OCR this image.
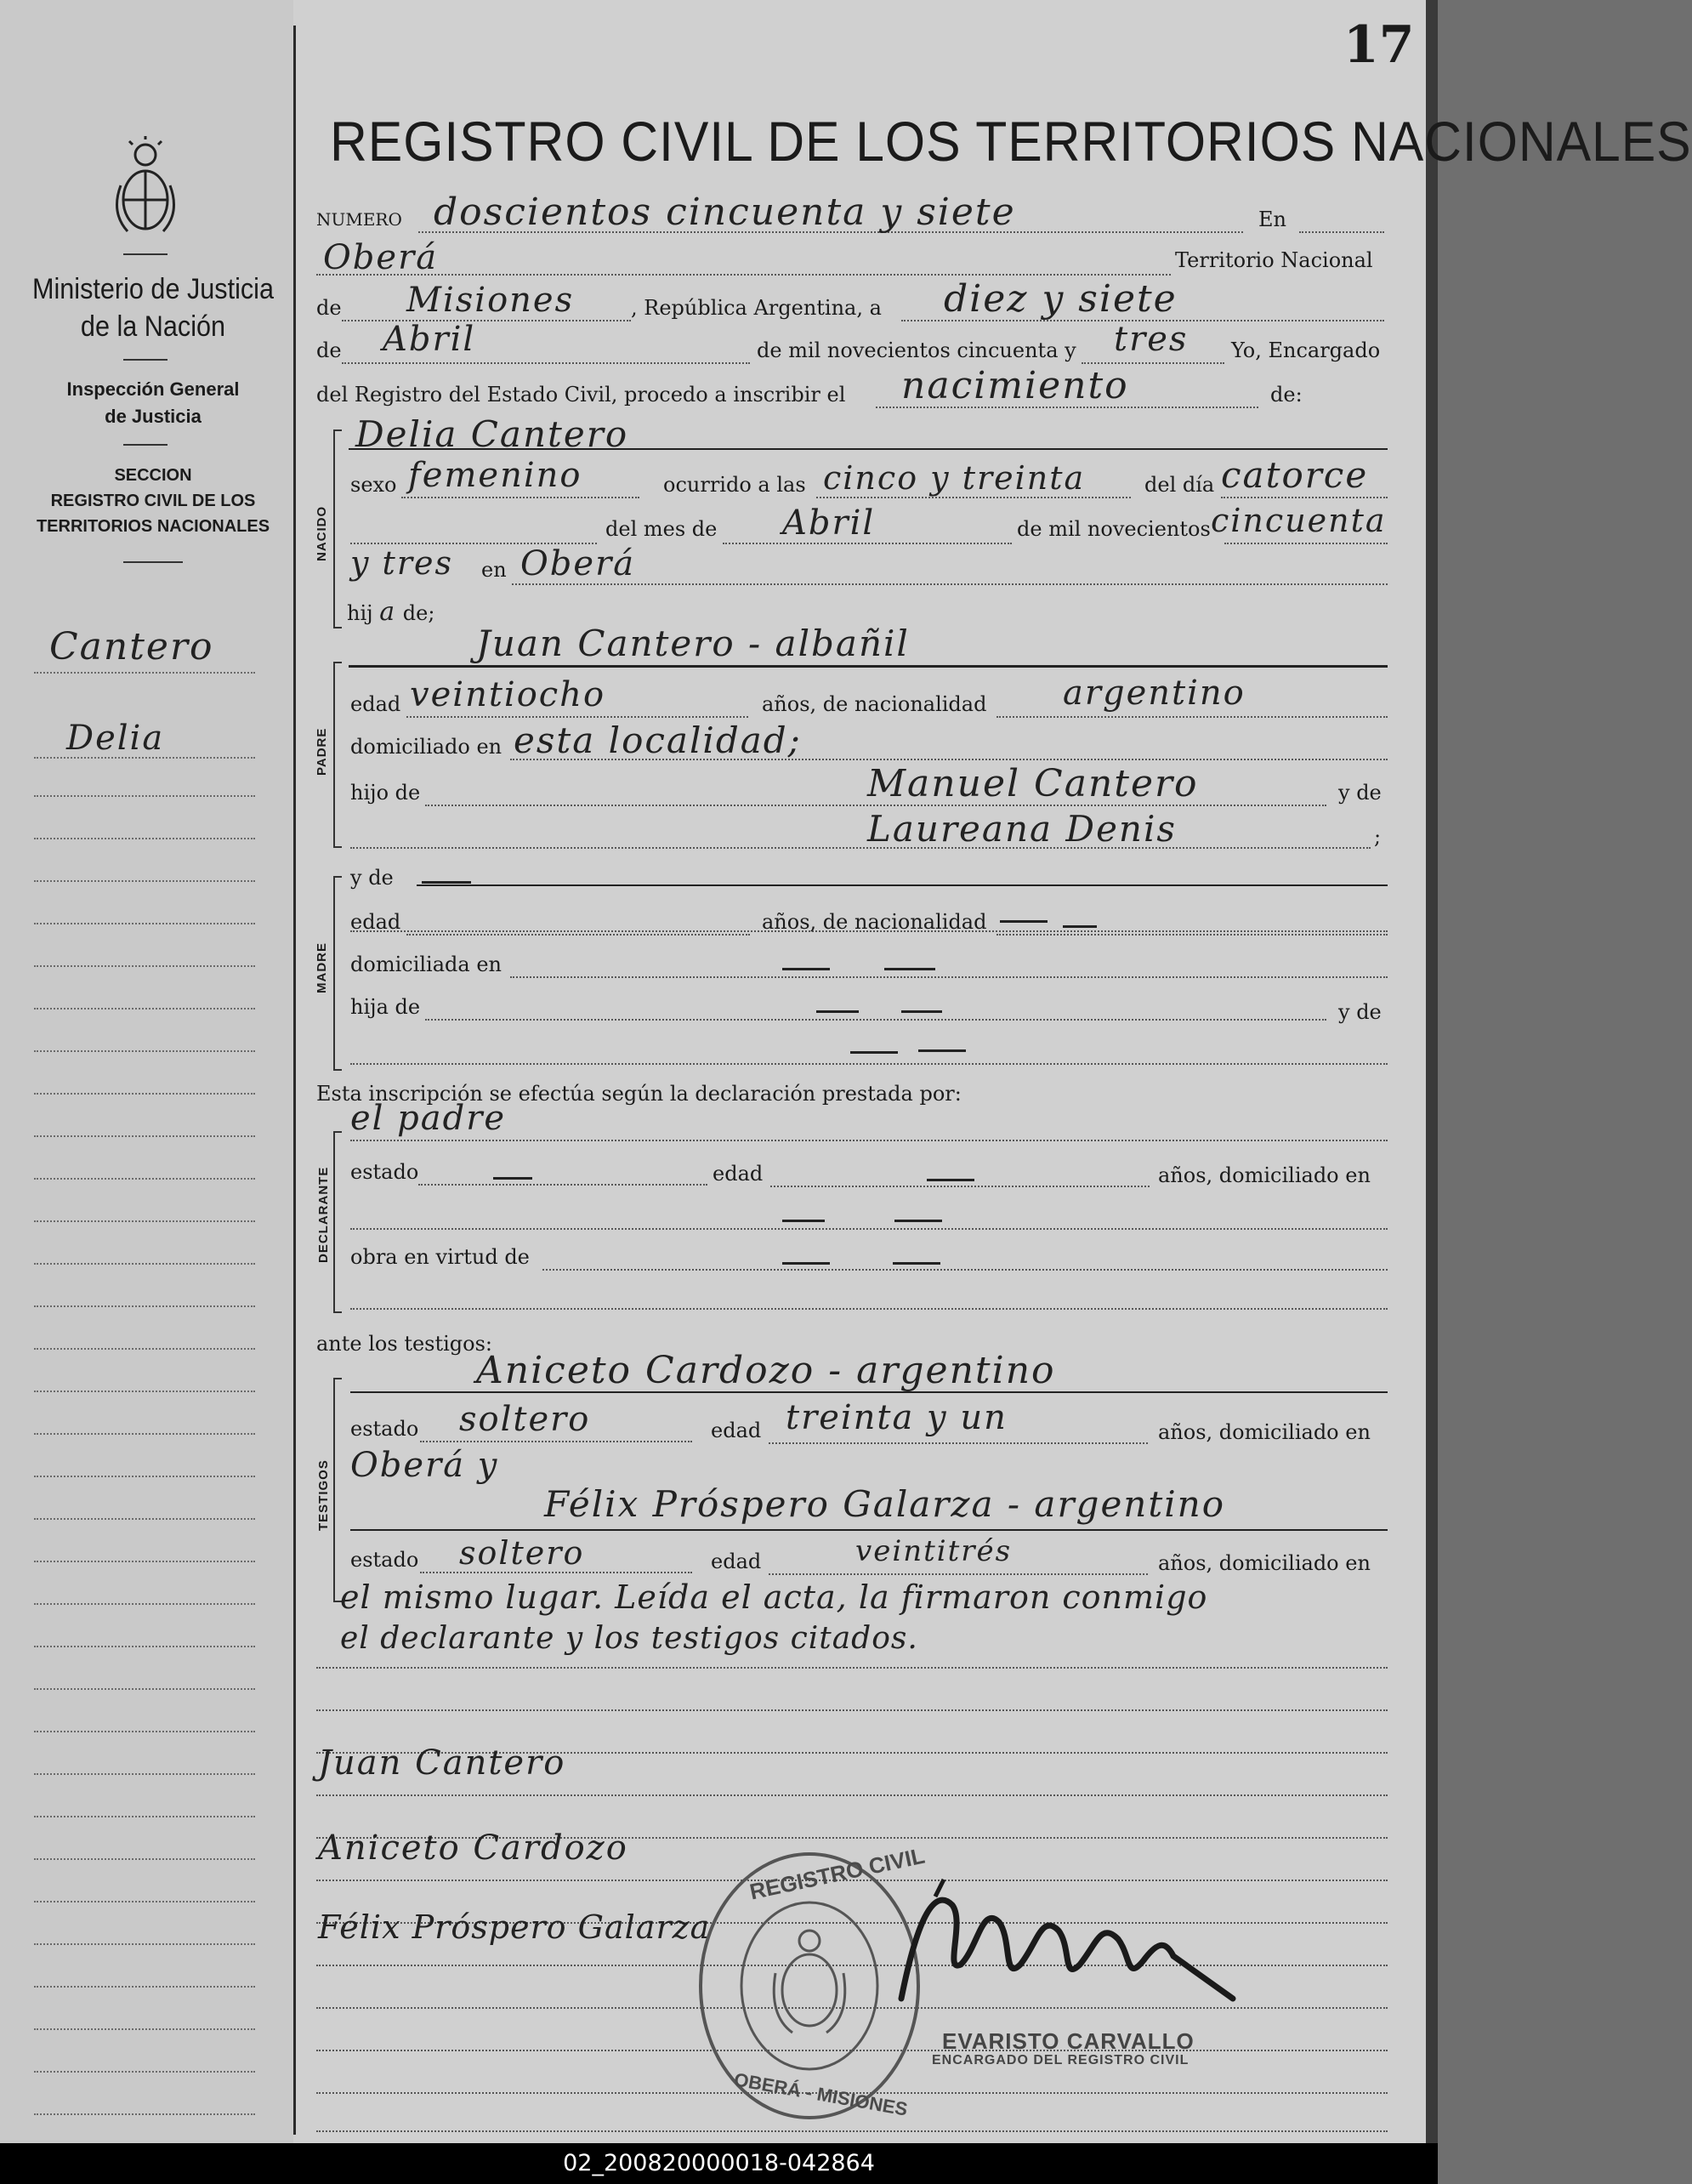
17
Ministerio de Justicia
de la Nación
Inspección General
de Justicia
SECCION
REGISTRO CIVIL DE LOS
TERRITORIOS NACIONALES
Cantero
Delia
REGISTRO CIVIL DE LOS TERRITORIOS NACIONALES
NUMERO doscientos cincuenta y siete	En
Oberá	Territorio Nacional
de Misiones	, República Argentina, a diez y siete
de Abril	de mil novecientos cincuenta y tres Yo, Encargado
del Registro del Estado Civil, procedo a inscribir el nacimiento	de:
NACIDO
Delia Cantero
sexo femenino	ocurrido a las cinco y treinta	del día catorce
del mes de Abril	de mil novecientos cincuenta
y tres en Oberá
hij a de;
Juan Cantero - albañil
PADRE
edad veintiocho	años, de nacionalidad argentino
domiciliado en esta localidad;
hijo de	Manuel Cantero	y de
Laureana Denis	;
MADRE
y de
edad	años, de nacionalidad
domiciliada en
hija de	y de
Esta inscripción se efectúa según la declaración prestada por:
el padre
DECLARANTE estado	edad	años, domiciliado en
obra en virtud de
ante los testigos:
Aniceto Cardozo - argentino
TESTIGOS
estado soltero	edad treinta y un	años, domiciliado en
Oberá y
Félix Próspero Galarza - argentino
estado soltero	edad	veintitrés	años, domiciliado en
el mismo lugar. Leída el acta, la firmaron conmigo
el declarante y los testigos citados.
Juan Cantero
Aniceto Cardozo
Félix Próspero Galarza
REGISTRO CIVIL
OBERÁ - MISIONES
EVARISTO CARVALLO
ENCARGADO DEL REGISTRO CIVIL
02_200820000018-042864
